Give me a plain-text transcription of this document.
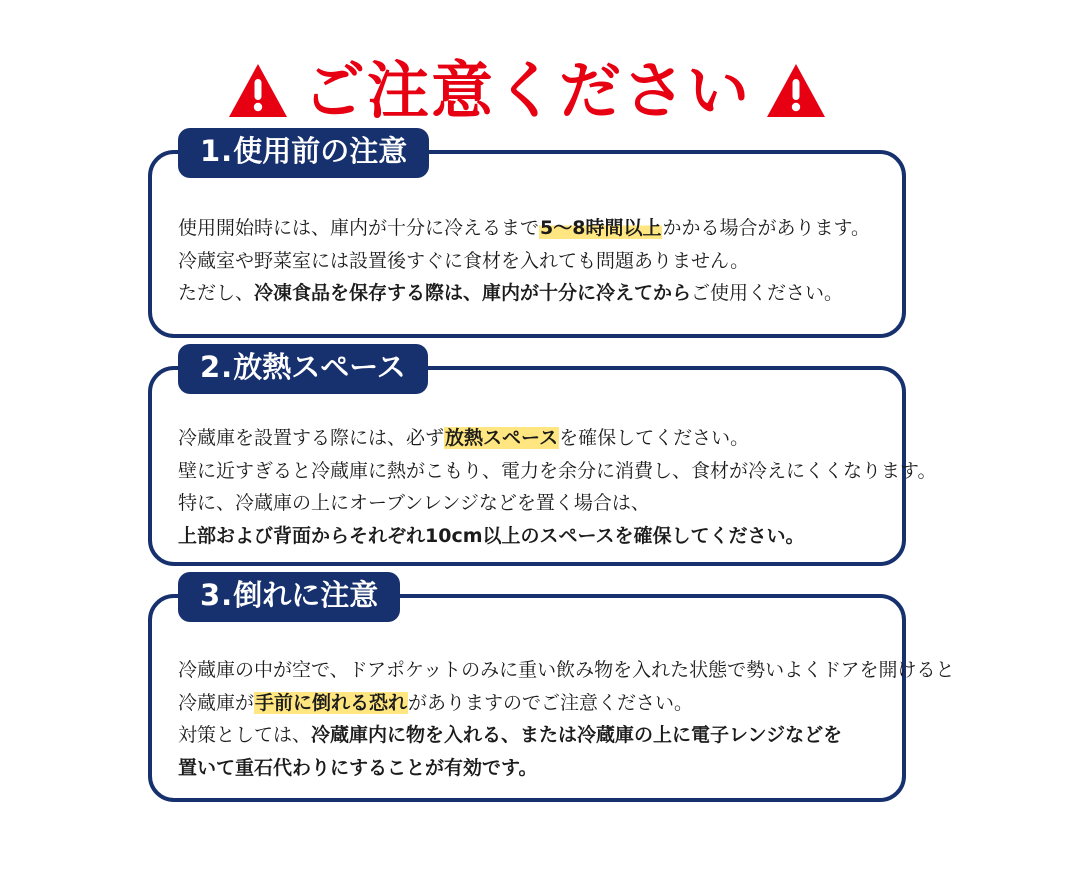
ご注意ください
1.使用前の注意
使用開始時には、庫内が十分に冷えるまで5〜8時間以上かかる場合があります。
冷蔵室や野菜室には設置後すぐに食材を入れても問題ありません。
ただし、冷凍食品を保存する際は、庫内が十分に冷えてからご使用ください。
2.放熱スペース
冷蔵庫を設置する際には、必ず放熱スペースを確保してください。
壁に近すぎると冷蔵庫に熱がこもり、電力を余分に消費し、食材が冷えにくくなります。
特に、冷蔵庫の上にオーブンレンジなどを置く場合は、
上部および背面からそれぞれ10cm以上のスペースを確保してください。
3.倒れに注意
冷蔵庫の中が空で、ドアポケットのみに重い飲み物を入れた状態で勢いよくドアを開けると
冷蔵庫が手前に倒れる恐れがありますのでご注意ください。
対策としては、冷蔵庫内に物を入れる、または冷蔵庫の上に電子レンジなどを
置いて重石代わりにすることが有効です。
